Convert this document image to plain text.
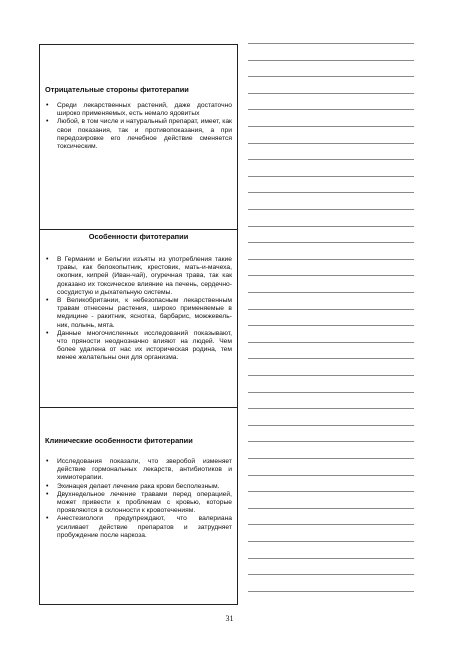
Отрицательные стороны фитотерапии

• Среди лекарственных растений, даже достаточно широко применяемых, есть немало ядовитых
• Любой, в том числе и натуральный препарат, имеет, как свои показания, так и противопоказания, а при передозировке его лечебное действие сменяется токсическим.

Особенности фитотерапии

• В Германии и Бельгии изъяты из употребления такие травы, как белокопытник, крестовик, мать-и-мачеха, окопник, кипрей (Иван-чай), огуречная трава, так как доказано их токсическое влияние на печень, сердечно-сосудистую и дыхательную системы.
• В Великобритании, к небезопасным лекарственным травам отнесены растения, широко применяемые в медицине - ракитник, яснотка, барбарис, можжевельник, полынь, мята.
• Данные многочисленных исследований показывают, что пряности неоднозначно влияют на людей. Чем более удалена от нас их историческая родина, тем менее желательны они для организма.

Клинические особенности фитотерапии

• Исследования показали, что зверобой изменяет действие гормональных лекарств, антибиотиков и химиотерапии.
• Эхинацея делает лечение рака крови бесполезным.
• Двухнедельное лечение травами перед операцией, может привести к проблемам с кровью, которые проявляются в склонности к кровотечениям.
• Анестезиологи предупреждают, что валериана усиливает действие препаратов и затрудняет пробуждение после наркоза.
31
